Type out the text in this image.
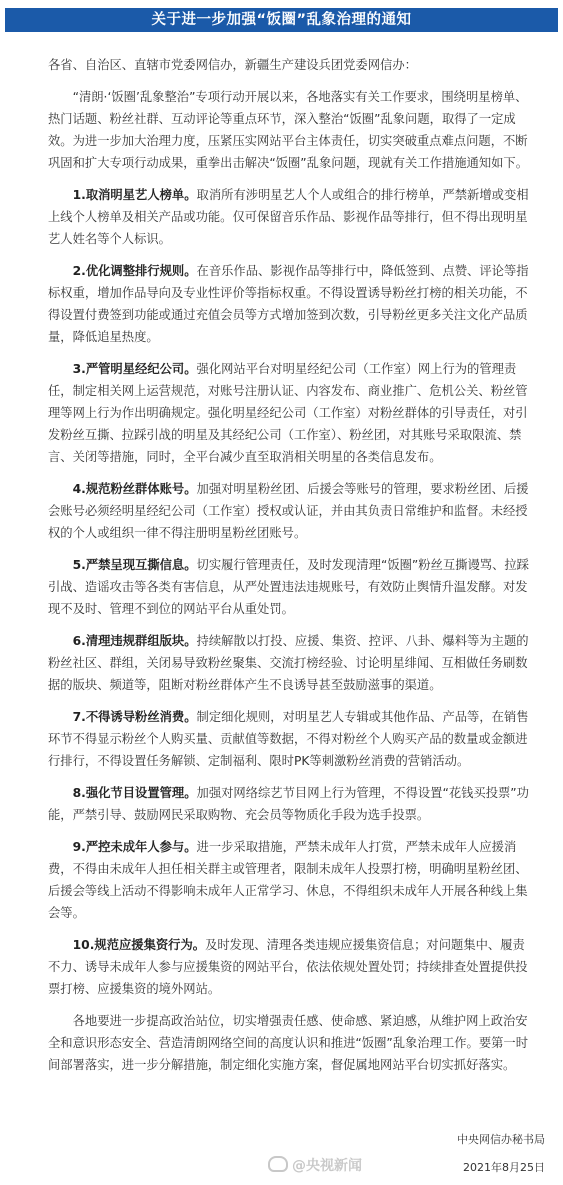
关于进一步加强“饭圈”乱象治理的通知

各省、自治区、直辖市党委网信办，新疆生产建设兵团党委网信办：

“清朗·‘饭圈’乱象整治”专项行动开展以来，各地落实有关工作要求，围绕明星榜单、热门话题、粉丝社群、互动评论等重点环节，深入整治“饭圈”乱象问题，取得了一定成效。为进一步加大治理力度，压紧压实网站平台主体责任，切实突破重点难点问题，不断巩固和扩大专项行动成果，重拳出击解决“饭圈”乱象问题，现就有关工作措施通知如下。

1.取消明星艺人榜单。取消所有涉明星艺人个人或组合的排行榜单，严禁新增或变相上线个人榜单及相关产品或功能。仅可保留音乐作品、影视作品等排行，但不得出现明星艺人姓名等个人标识。

2.优化调整排行规则。在音乐作品、影视作品等排行中，降低签到、点赞、评论等指标权重，增加作品导向及专业性评价等指标权重。不得设置诱导粉丝打榜的相关功能，不得设置付费签到功能或通过充值会员等方式增加签到次数，引导粉丝更多关注文化产品质量，降低追星热度。

3.严管明星经纪公司。强化网站平台对明星经纪公司（工作室）网上行为的管理责任，制定相关网上运营规范，对账号注册认证、内容发布、商业推广、危机公关、粉丝管理等网上行为作出明确规定。强化明星经纪公司（工作室）对粉丝群体的引导责任，对引发粉丝互撕、拉踩引战的明星及其经纪公司（工作室）、粉丝团，对其账号采取限流、禁言、关闭等措施，同时，全平台减少直至取消相关明星的各类信息发布。

4.规范粉丝群体账号。加强对明星粉丝团、后援会等账号的管理，要求粉丝团、后援会账号必须经明星经纪公司（工作室）授权或认证，并由其负责日常维护和监督。未经授权的个人或组织一律不得注册明星粉丝团账号。

5.严禁呈现互撕信息。切实履行管理责任，及时发现清理“饭圈”粉丝互撕谩骂、拉踩引战、造谣攻击等各类有害信息，从严处置违法违规账号，有效防止舆情升温发酵。对发现不及时、管理不到位的网站平台从重处罚。

6.清理违规群组版块。持续解散以打投、应援、集资、控评、八卦、爆料等为主题的粉丝社区、群组，关闭易导致粉丝聚集、交流打榜经验、讨论明星绯闻、互相做任务刷数据的版块、频道等，阻断对粉丝群体产生不良诱导甚至鼓励滋事的渠道。

7.不得诱导粉丝消费。制定细化规则，对明星艺人专辑或其他作品、产品等，在销售环节不得显示粉丝个人购买量、贡献值等数据，不得对粉丝个人购买产品的数量或金额进行排行，不得设置任务解锁、定制福利、限时PK等刺激粉丝消费的营销活动。

8.强化节目设置管理。加强对网络综艺节目网上行为管理，不得设置“花钱买投票”功能，严禁引导、鼓励网民采取购物、充会员等物质化手段为选手投票。

9.严控未成年人参与。进一步采取措施，严禁未成年人打赏，严禁未成年人应援消费，不得由未成年人担任相关群主或管理者，限制未成年人投票打榜，明确明星粉丝团、后援会等线上活动不得影响未成年人正常学习、休息，不得组织未成年人开展各种线上集会等。

10.规范应援集资行为。及时发现、清理各类违规应援集资信息；对问题集中、履责不力、诱导未成年人参与应援集资的网站平台，依法依规处置处罚；持续排查处置提供投票打榜、应援集资的境外网站。

各地要进一步提高政治站位，切实增强责任感、使命感、紧迫感，从维护网上政治安全和意识形态安全、营造清朗网络空间的高度认识和推进“饭圈”乱象治理工作。要第一时间部署落实，进一步分解措施，制定细化实施方案，督促属地网站平台切实抓好落实。

中央网信办秘书局
@央视新闻	2021年8月25日
